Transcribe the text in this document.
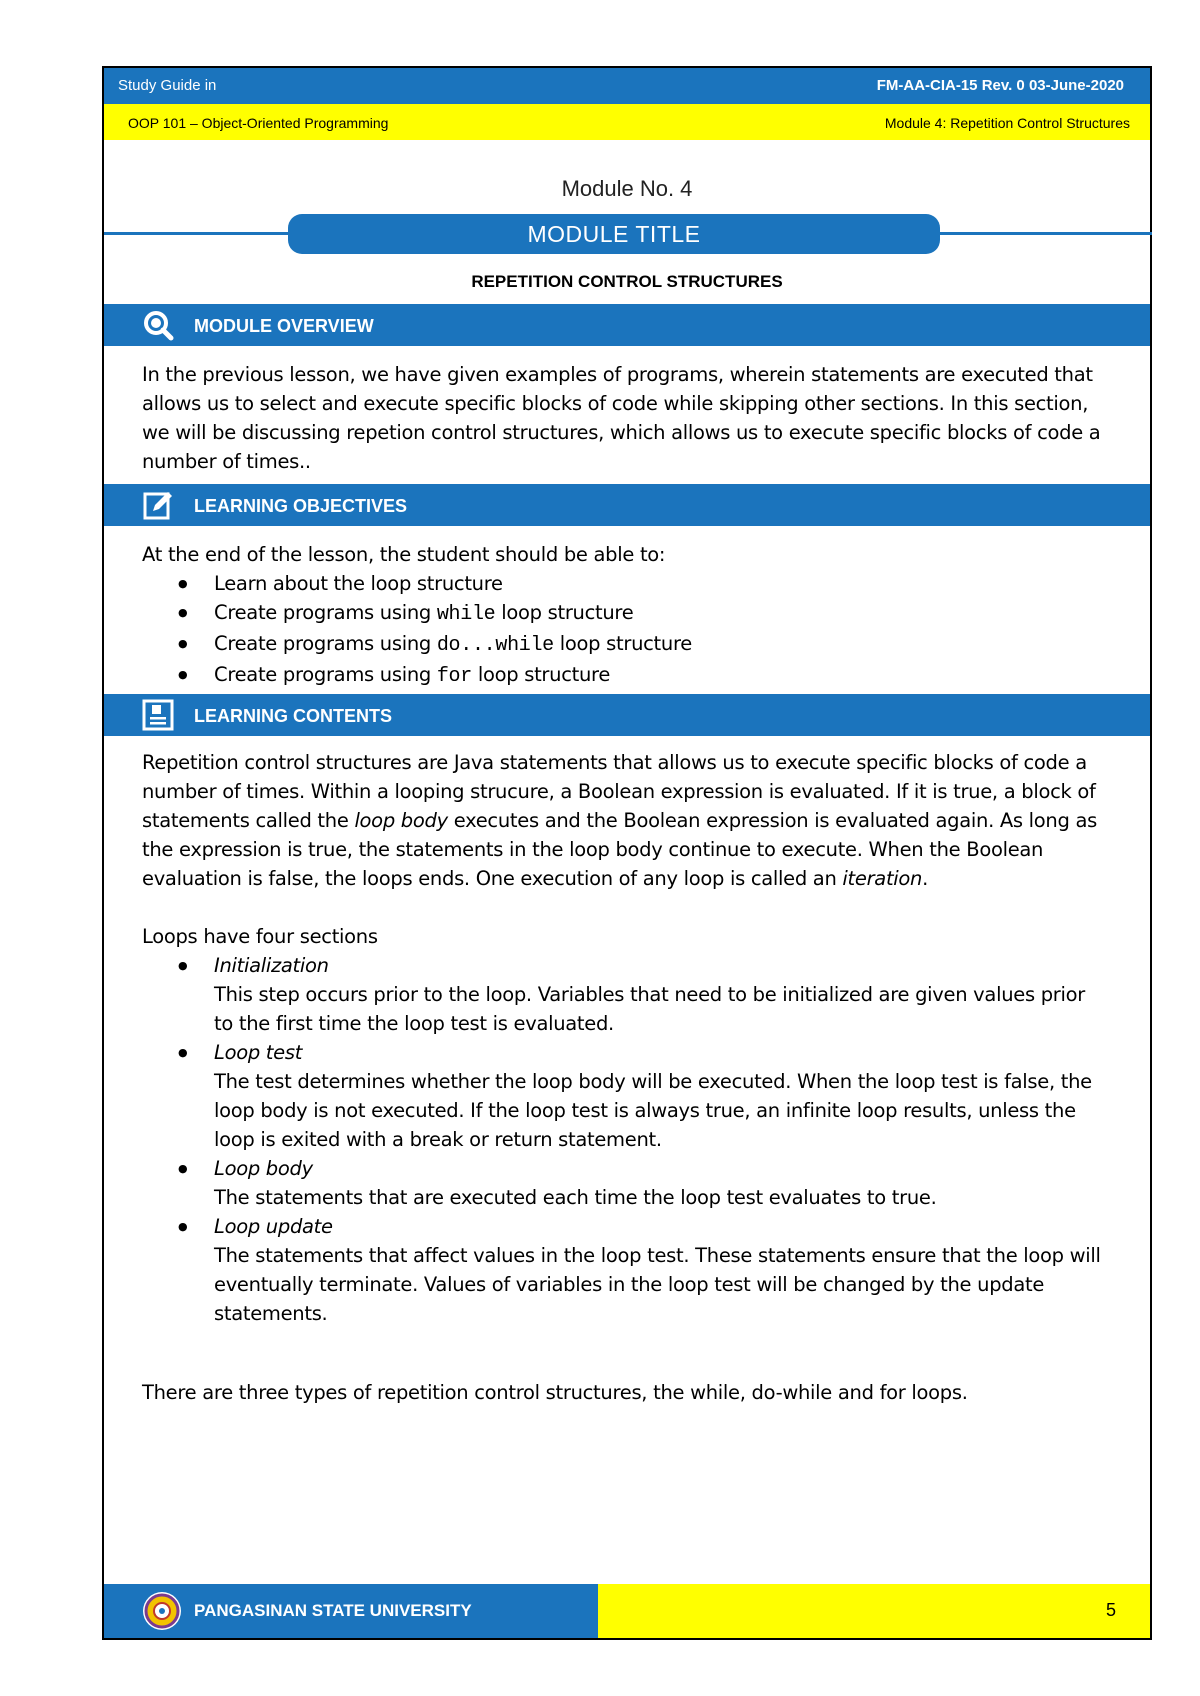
Study Guide in	FM-AA-CIA-15 Rev. 0 03-June-2020
OOP 101 – Object-Oriented Programming	Module 4: Repetition Control Structures
Module No. 4
MODULE TITLE
REPETITION CONTROL STRUCTURES
MODULE OVERVIEW

In the previous lesson, we have given examples of programs, wherein statements are executed that allows us to select and execute specific blocks of code while skipping other sections. In this section, we will be discussing repetion control structures, which allows us to execute specific blocks of code a number of times..

LEARNING OBJECTIVES

At the end of the lesson, the student should be able to:

● Learn about the loop structure
● Create programs using while loop structure
● Create programs using do...while loop structure
● Create programs using for loop structure
LEARNING CONTENTS

Repetition control structures are Java statements that allows us to execute specific blocks of code a number of times. Within a looping strucure, a Boolean expression is evaluated. If it is true, a block of statements called the loop body executes and the Boolean expression is evaluated again. As long as the expression is true, the statements in the loop body continue to execute. When the Boolean evaluation is false, the loops ends. One execution of any loop is called an iteration.

Loops have four sections

● Initialization
This step occurs prior to the loop. Variables that need to be initialized are given values prior to the first time the loop test is evaluated.
● Loop test
The test determines whether the loop body will be executed. When the loop test is false, the loop body is not executed. If the loop test is always true, an infinite loop results, unless the loop is exited with a break or return statement.
● Loop body
The statements that are executed each time the loop test evaluates to true.
● Loop update
The statements that affect values in the loop test. These statements ensure that the loop will eventually terminate. Values of variables in the loop test will be changed by the update statements.

There are three types of repetition control structures, the while, do-while and for loops.

PANGASINAN STATE UNIVERSITY	5
